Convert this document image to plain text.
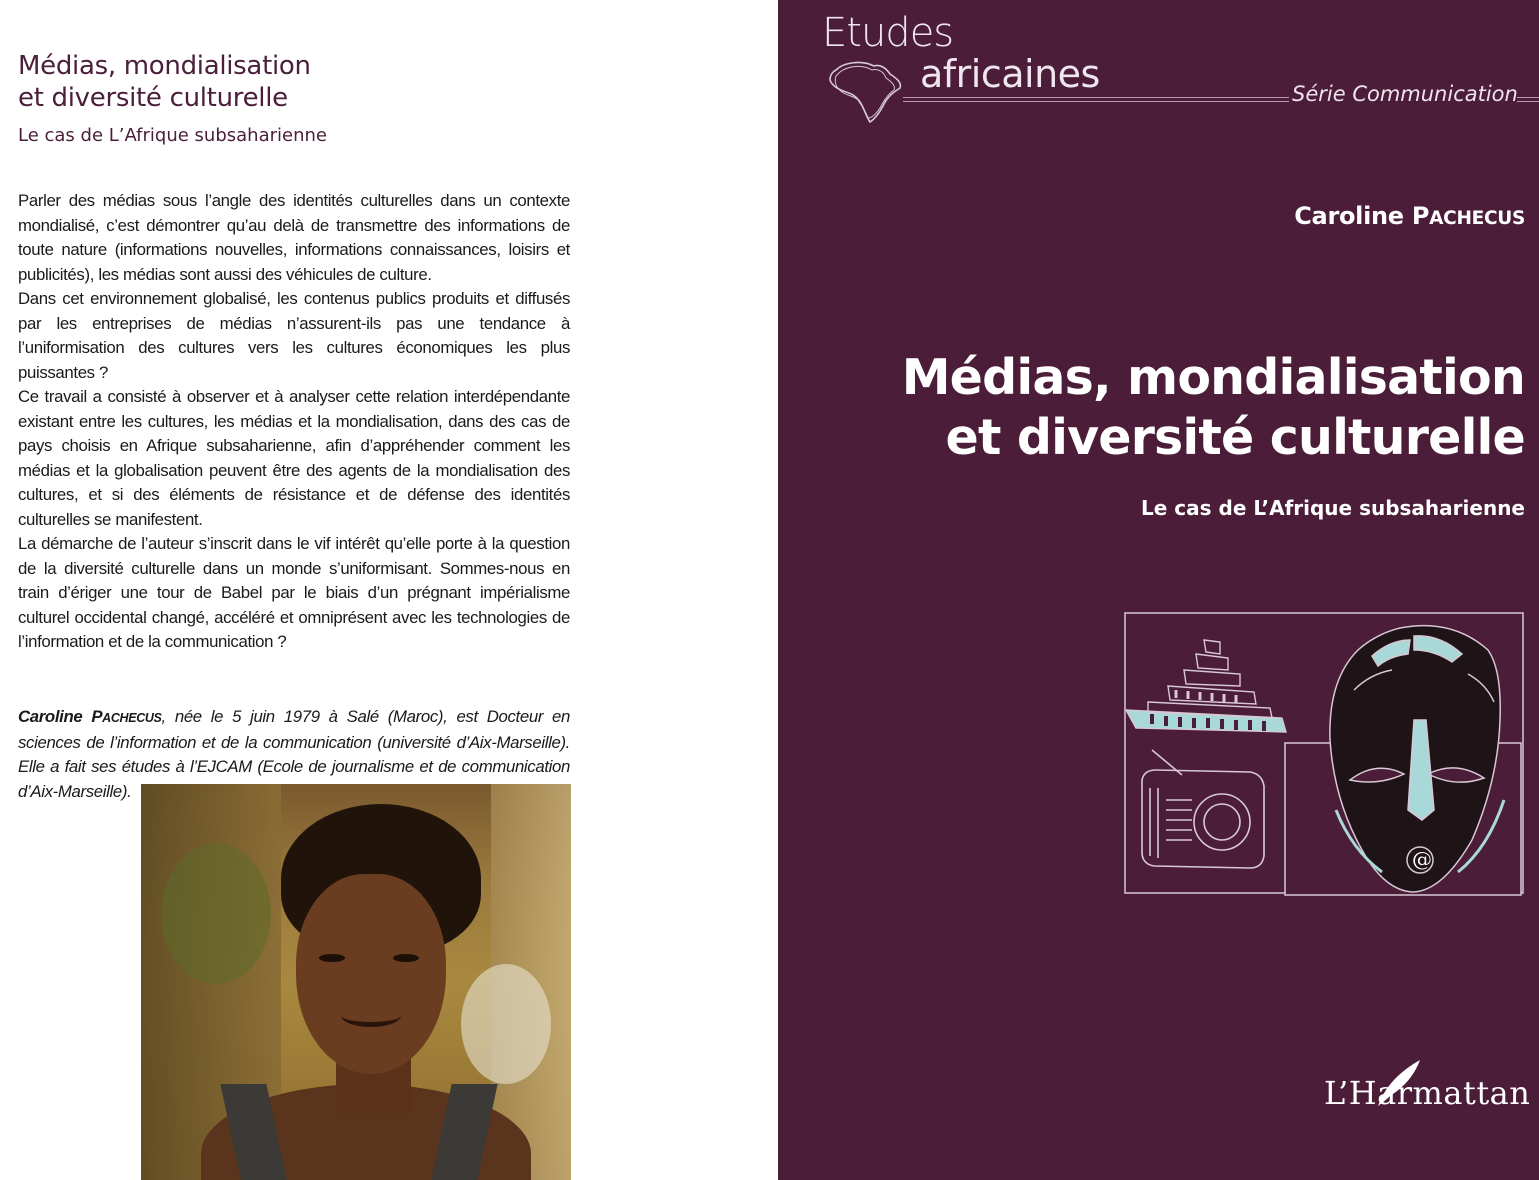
Médias, mondialisation
et diversité culturelle
Le cas de L’Afrique subsaharienne

Parler des médias sous l’angle des identités culturelles dans un contexte mondialisé, c’est démontrer qu’au delà de transmettre des informations de toute nature (informations nouvelles, informations connaissances, loisirs et publicités), les médias sont aussi des véhicules de culture.

Dans cet environnement globalisé, les contenus publics produits et diffusés par les entreprises de médias n’assurent-ils pas une tendance à l’uniformisation des cultures vers les cultures économiques les plus puissantes ?

Ce travail a consisté à observer et à analyser cette relation interdépendante existant entre les cultures, les médias et la mondialisation, dans des cas de pays choisis en Afrique subsaharienne, afin d’appréhender comment les médias et la globalisation peuvent être des agents de la mondialisation des cultures, et si des éléments de résistance et de défense des identités culturelles se manifestent.

La démarche de l’auteur s’inscrit dans le vif intérêt qu’elle porte à la question de la diversité culturelle dans un monde s’uniformisant. Sommes-nous en train d’ériger une tour de Babel par le biais d’un prégnant impérialisme culturel occidental changé, accéléré et omniprésent avec les technologies de l’information et de la communication ?

Caroline PACHECUS, née le 5 juin 1979 à Salé (Maroc), est Docteur en sciences de l’information et de la communication (université d’Aix-Marseille). Elle a fait ses études à l’EJCAM (Ecole de journalisme et de communication d’Aix-Marseille).
Etudes
africaines	Série Communication
Caroline PACHECUS
Médias, mondialisation
et diversité culturelle
Le cas de L’Afrique subsaharienne
@
L’Harmattan
